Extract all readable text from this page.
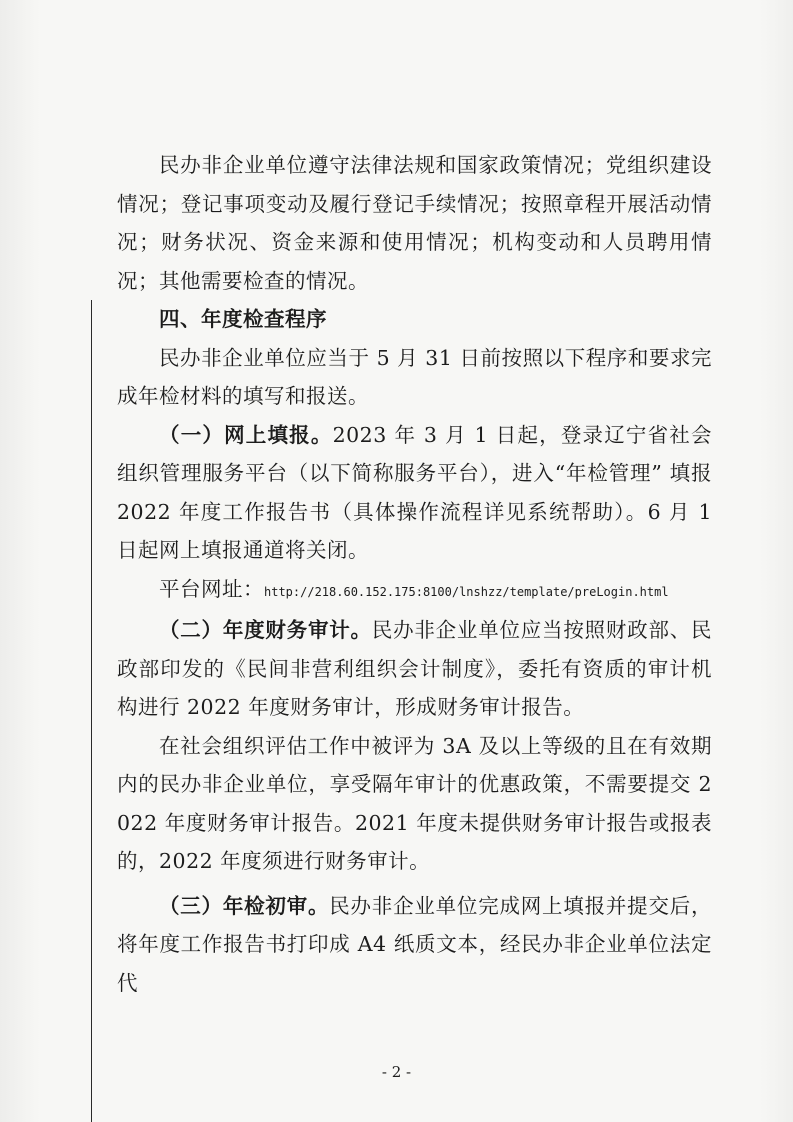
民办非企业单位遵守法律法规和国家政策情况；党组织建设情况；登记事项变动及履行登记手续情况；按照章程开展活动情况；财务状况、资金来源和使用情况；机构变动和人员聘用情况；其他需要检查的情况。

四、年度检查程序

民办非企业单位应当于 5 月 31 日前按照以下程序和要求完成年检材料的填写和报送。

（一）网上填报。2023 年 3 月 1 日起，登录辽宁省社会组织管理服务平台（以下简称服务平台），进入“年检管理” 填报 2022 年度工作报告书（具体操作流程详见系统帮助）。6 月 1 日起网上填报通道将关闭。

平台网址：http://218.60.152.175:8100/lnshzz/template/preLogin.html

（二）年度财务审计。民办非企业单位应当按照财政部、民政部印发的《民间非营利组织会计制度》，委托有资质的审计机构进行 2022 年度财务审计，形成财务审计报告。

在社会组织评估工作中被评为 3A 及以上等级的且在有效期内的民办非企业单位，享受隔年审计的优惠政策，不需要提交 2022 年度财务审计报告。2021 年度未提供财务审计报告或报表的，2022 年度须进行财务审计。

（三）年检初审。民办非企业单位完成网上填报并提交后，将年度工作报告书打印成 A4 纸质文本，经民办非企业单位法定代

- 2 -
